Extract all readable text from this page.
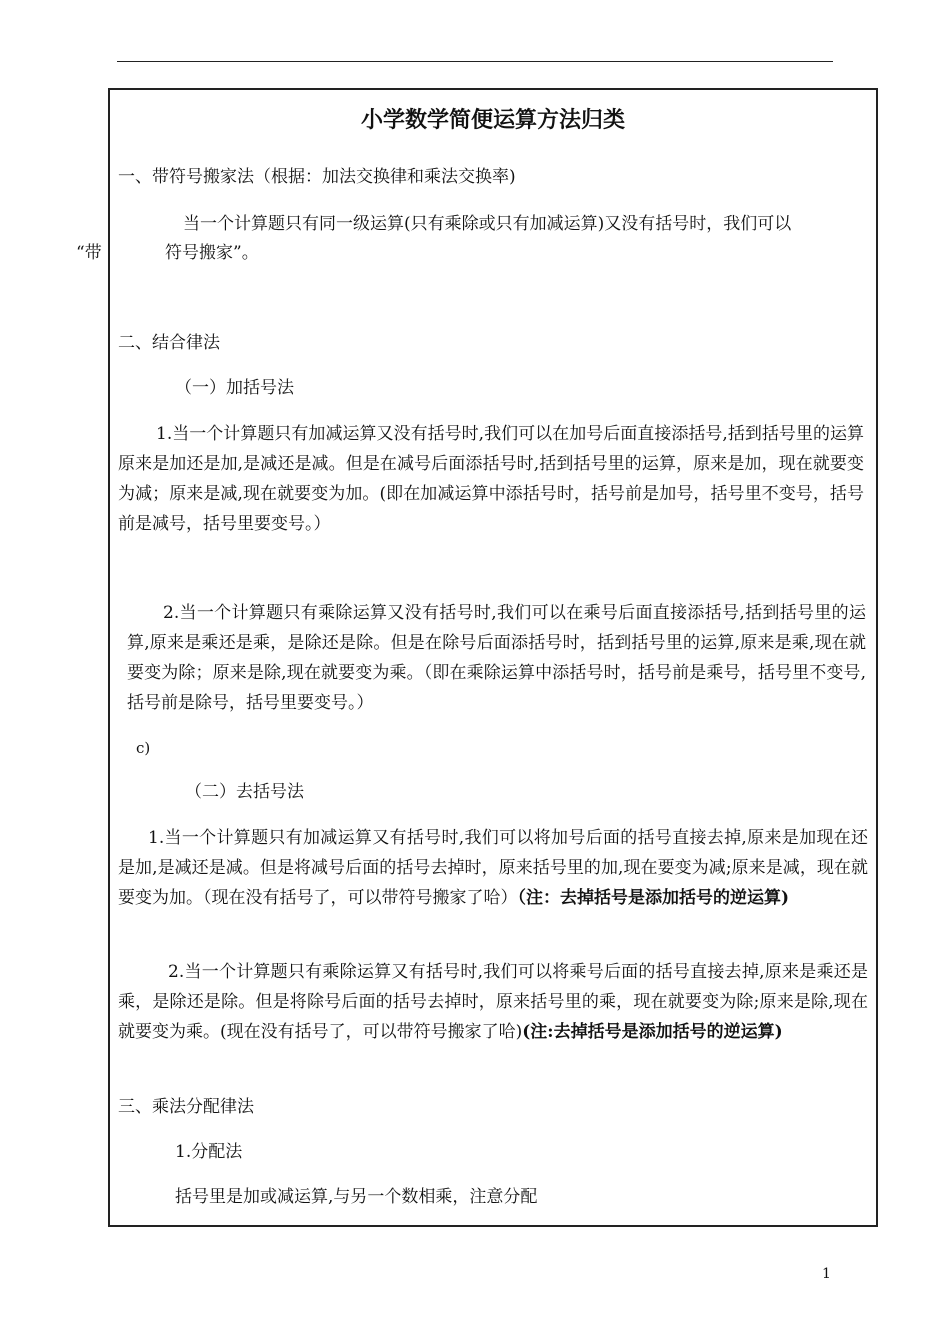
小学数学简便运算方法归类
一、带符号搬家法（根据：加法交换律和乘法交换率)
当一个计算题只有同一级运算(只有乘除或只有加减运算)又没有括号时，我们可以
“带	符号搬家”。
二、结合律法
（一）加括号法
1.当一个计算题只有加减运算又没有括号时,我们可以在加号后面直接添括号,括到括号里的运算原来是加还是加,是减还是减。但是在减号后面添括号时,括到括号里的运算，原来是加，现在就要变为减；原来是减,现在就要变为加。(即在加减运算中添括号时，括号前是加号，括号里不变号，括号前是减号，括号里要变号。）
2.当一个计算题只有乘除运算又没有括号时,我们可以在乘号后面直接添括号,括到括号里的运算,原来是乘还是乘，是除还是除。但是在除号后面添括号时，括到括号里的运算,原来是乘,现在就要变为除；原来是除,现在就要变为乘。（即在乘除运算中添括号时，括号前是乘号，括号里不变号,括号前是除号，括号里要变号。）
c)
（二）去括号法
1.当一个计算题只有加减运算又有括号时,我们可以将加号后面的括号直接去掉,原来是加现在还是加,是减还是减。但是将减号后面的括号去掉时，原来括号里的加,现在要变为减;原来是减，现在就要变为加。（现在没有括号了，可以带符号搬家了哈）（注：去掉括号是添加括号的逆运算)
2.当一个计算题只有乘除运算又有括号时,我们可以将乘号后面的括号直接去掉,原来是乘还是乘，是除还是除。但是将除号后面的括号去掉时，原来括号里的乘，现在就要变为除;原来是除,现在就要变为乘。(现在没有括号了，可以带符号搬家了哈)(注:去掉括号是添加括号的逆运算)
三、乘法分配律法
1.分配法
括号里是加或减运算,与另一个数相乘，注意分配
1
